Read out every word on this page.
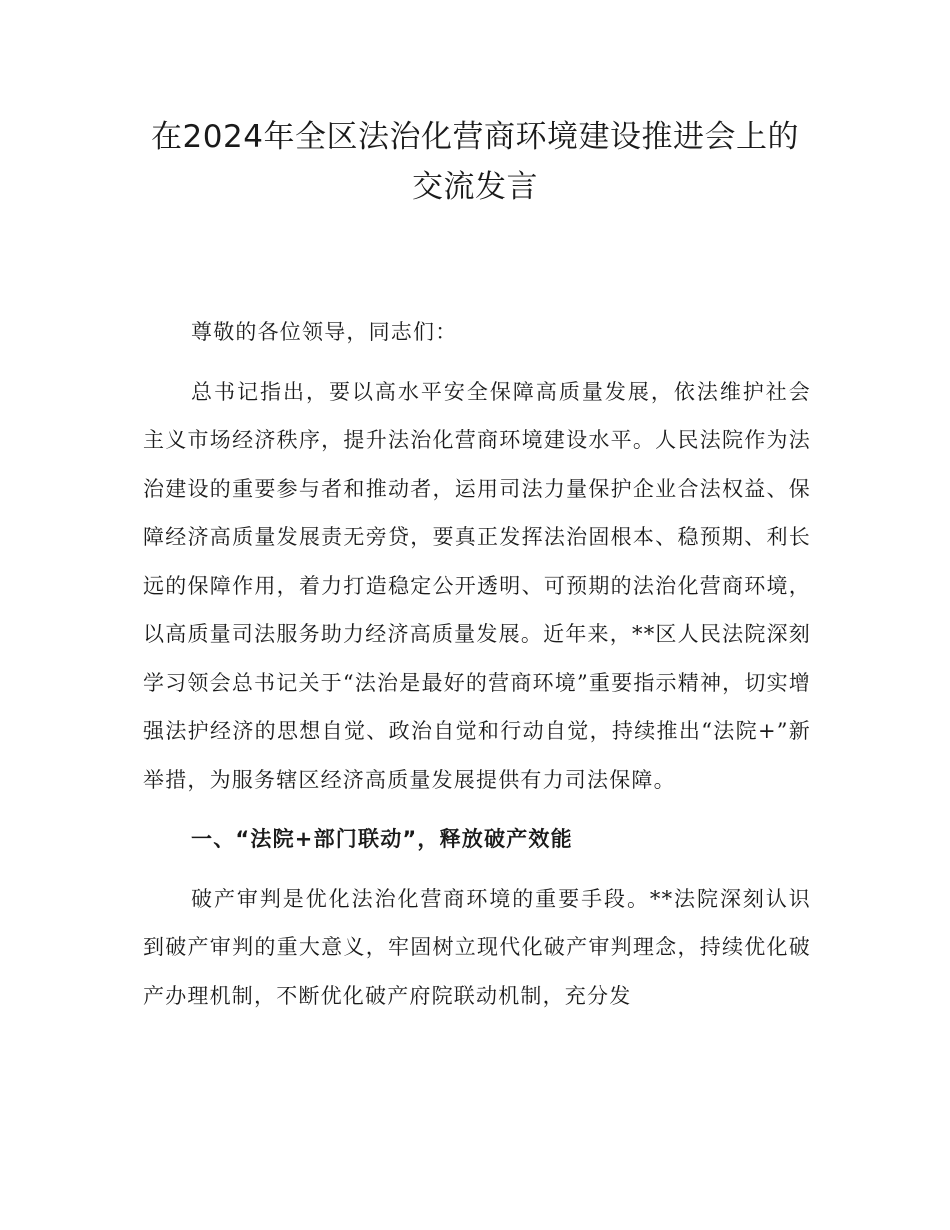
在2024年全区法治化营商环境建设推进会上的交流发言

尊敬的各位领导，同志们：

总书记指出，要以高水平安全保障高质量发展，依法维护社会主义市场经济秩序，提升法治化营商环境建设水平。人民法院作为法治建设的重要参与者和推动者，运用司法力量保护企业合法权益、保障经济高质量发展责无旁贷，要真正发挥法治固根本、稳预期、利长远的保障作用，着力打造稳定公开透明、可预期的法治化营商环境，以高质量司法服务助力经济高质量发展。近年来，**区人民法院深刻学习领会总书记关于“法治是最好的营商环境”重要指示精神，切实增强法护经济的思想自觉、政治自觉和行动自觉，持续推出“法院+”新举措，为服务辖区经济高质量发展提供有力司法保障。

一、“法院+部门联动”，释放破产效能

破产审判是优化法治化营商环境的重要手段。**法院深刻认识到破产审判的重大意义，牢固树立现代化破产审判理念，持续优化破产办理机制，不断优化破产府院联动机制，充分发
